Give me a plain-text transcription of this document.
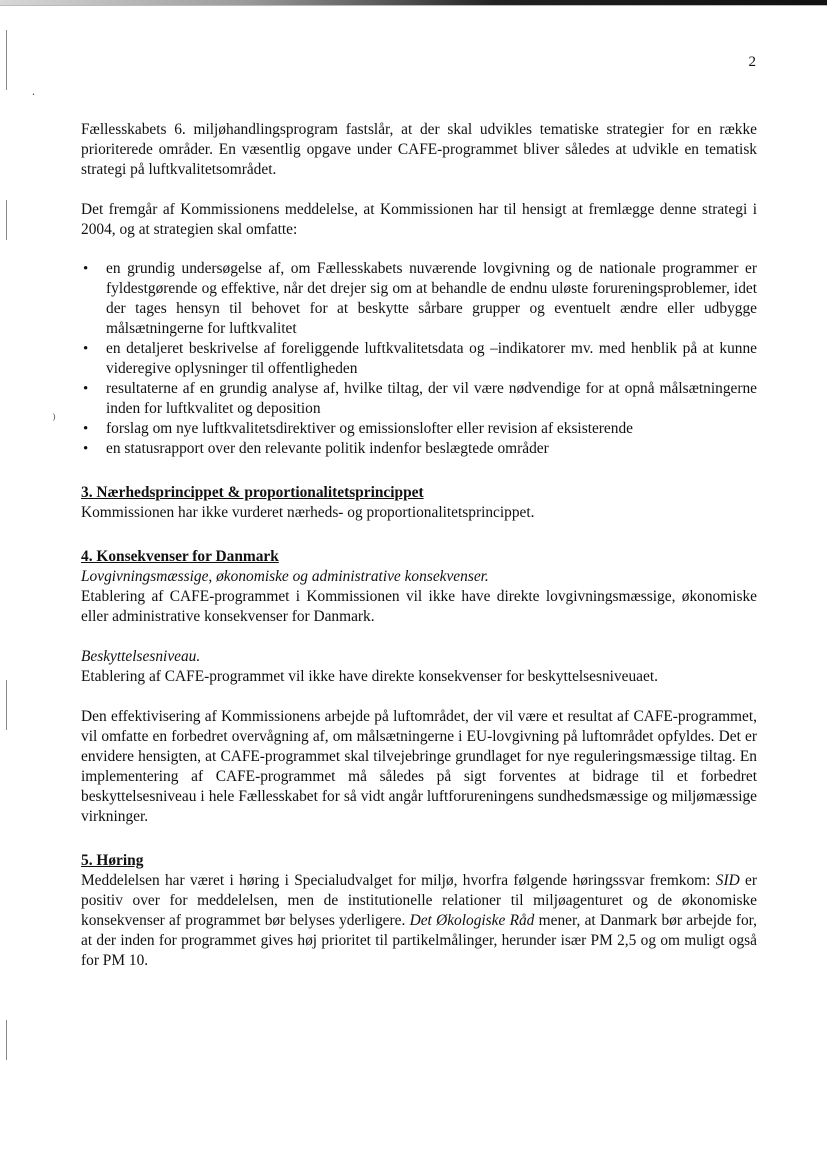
.
⁾
2

Fællesskabets 6. miljøhandlingsprogram fastslår, at der skal udvikles tematiske strategier for en række prioriterede områder. En væsentlig opgave under CAFE-programmet bliver således at udvikle en tematisk strategi på luftkvalitetsområdet.

Det fremgår af Kommissionens meddelelse, at Kommissionen har til hensigt at fremlægge denne strategi i 2004, og at strategien skal omfatte:

• en grundig undersøgelse af, om Fællesskabets nuværende lovgivning og de nationale programmer er fyldestgørende og effektive, når det drejer sig om at behandle de endnu uløste forureningsproblemer, idet der tages hensyn til behovet for at beskytte sårbare grupper og eventuelt ændre eller udbygge målsætningerne for luftkvalitet
• en detaljeret beskrivelse af foreliggende luftkvalitetsdata og –indikatorer mv. med henblik på at kunne videregive oplysninger til offentligheden
• resultaterne af en grundig analyse af, hvilke tiltag, der vil være nødvendige for at opnå målsætningerne inden for luftkvalitet og deposition
• forslag om nye luftkvalitetsdirektiver og emissionslofter eller revision af eksisterende
• en statusrapport over den relevante politik indenfor beslægtede områder
3. Nærhedsprincippet & proportionalitetsprincippet

Kommissionen har ikke vurderet nærheds- og proportionalitetsprincippet.

4. Konsekvenser for Danmark

Lovgivningsmæssige, økonomiske og administrative konsekvenser.

Etablering af CAFE-programmet i Kommissionen vil ikke have direkte lovgivningsmæssige, økonomiske eller administrative konsekvenser for Danmark.

Beskyttelsesniveau.

Etablering af CAFE-programmet vil ikke have direkte konsekvenser for beskyttelsesniveuaet.

Den effektivisering af Kommissionens arbejde på luftområdet, der vil være et resultat af CAFE-programmet, vil omfatte en forbedret overvågning af, om målsætningerne i EU-lovgivning på luftområdet opfyldes. Det er envidere hensigten, at CAFE-programmet skal tilvejebringe grundlaget for nye reguleringsmæssige tiltag. En implementering af CAFE-programmet må således på sigt forventes at bidrage til et forbedret beskyttelsesniveau i hele Fællesskabet for så vidt angår luftforureningens sundhedsmæssige og miljømæssige virkninger.

5. Høring

Meddelelsen har været i høring i Specialudvalget for miljø, hvorfra følgende høringssvar fremkom: SID er positiv over for meddelelsen, men de institutionelle relationer til miljøagenturet og de økonomiske konsekvenser af programmet bør belyses yderligere. Det Økologiske Råd mener, at Danmark bør arbejde for, at der inden for programmet gives høj prioritet til partikelmålinger, herunder især PM 2,5 og om muligt også for PM 10.
